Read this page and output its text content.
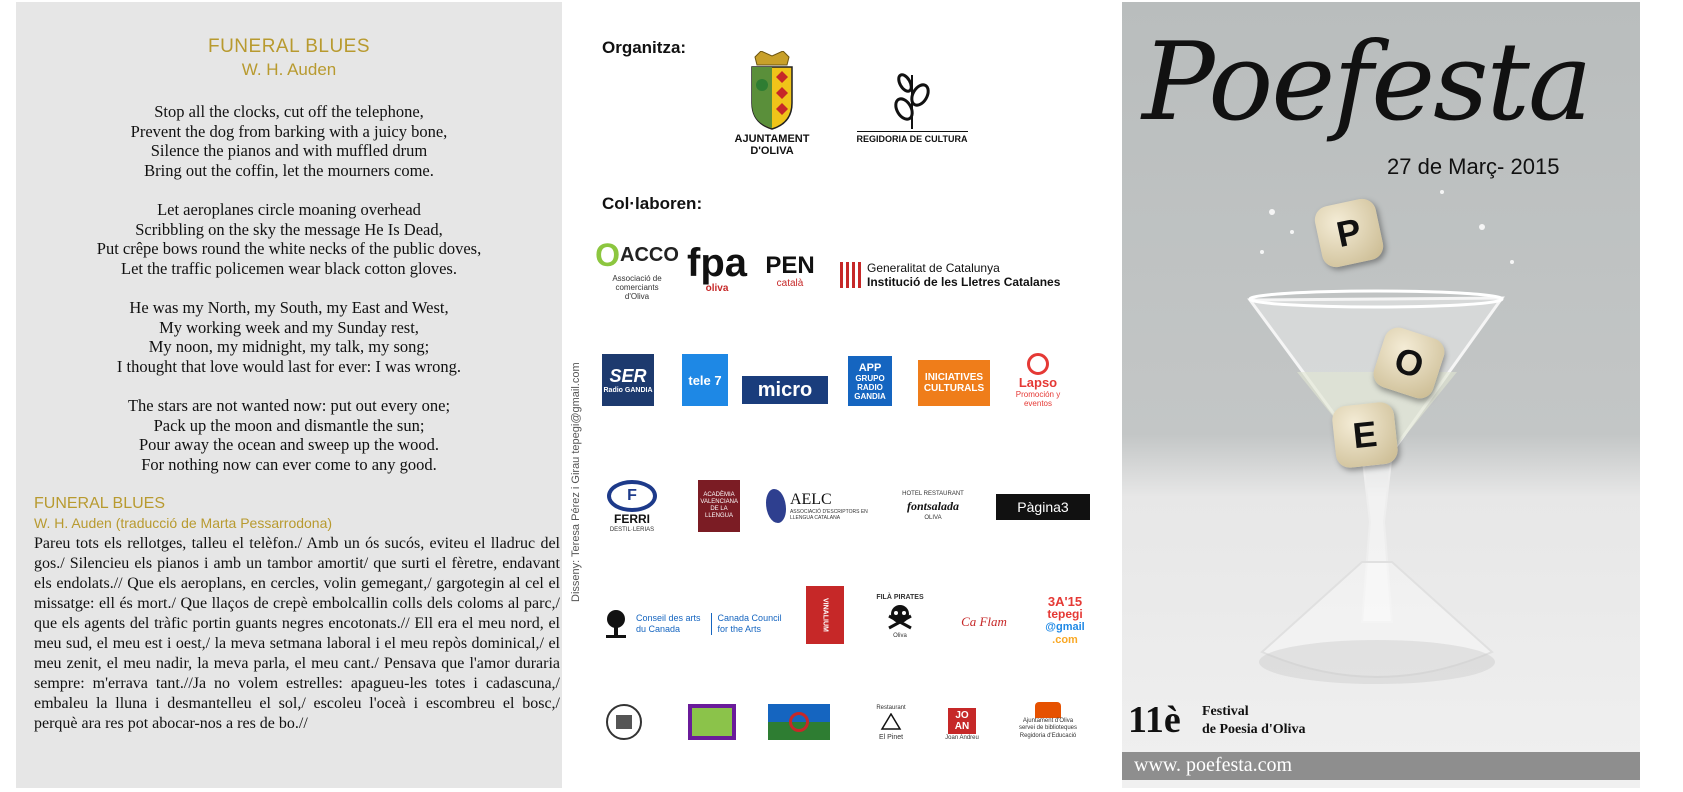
FUNERAL BLUES
W. H. Auden
Stop all the clocks, cut off the telephone,
Prevent the dog from barking with a juicy bone,
Silence the pianos and with muffled drum
Bring out the coffin, let the mourners come.
Let aeroplanes circle moaning overhead
Scribbling on the sky the message He Is Dead,
Put crêpe bows round the white necks of the public doves,
Let the traffic policemen wear black cotton gloves.
He was my North, my South, my East and West,
My working week and my Sunday rest,
My noon, my midnight, my talk, my song;
I thought that love would last for ever: I was wrong.
The stars are not wanted now: put out every one;
Pack up the moon and dismantle the sun;
Pour away the ocean and sweep up the wood.
For nothing now can ever come to any good.
FUNERAL BLUES
W. H. Auden (traducció de Marta Pessarrodona)
Pareu tots els rellotges, talleu el telèfon./ Amb un ós sucós, eviteu el lladruc del gos./ Silencieu els pianos i amb un tambor amortit/ que surti el fèretre, endavant els endolats.// Que els aeroplans, en cercles, volin gemegant,/ gargotegin al cel el missatge: ell és mort./ Que llaços de crepè embolcallin colls dels coloms al parc,/ que els agents del tràfic portin guants negres encotonats.// Ell era el meu nord, el meu sud, el meu est i oest,/ la meva setmana laboral i el meu repòs dominical,/ el meu zenit, el meu nadir, la meva parla, el meu cant./ Pensava que l'amor duraria sempre: m'errava tant.//Ja no volem estrelles: apagueu-les totes i cadascuna,/ embaleu la lluna i desmantelleu el sol,/ escoleu l'oceà i escombreu el bosc,/ perquè ara res pot abocar-nos a res de bo.//
Organitza:
Col·laboren:
Disseny: Teresa Pérez i Girau tepegi@gmail.com
AJUNTAMENT
D'OLIVA
REGIDORIA DE CULTURA
O ACCO
Associació de comerciants d'Oliva
fpa
oliva
PEN
català
Generalitat de Catalunya
Institució de les Lletres Catalanes
SER
Radio GANDIA
tele 7	micro
APP
GRUPO RADIO GANDIA
INICIATIVES
CULTURALS	Lapso
Promoción y eventos
F
FERRI
DESTIL·LERIAS
ACADÈMIA VALENCIANA DE LA LLENGUA
AELC
ASSOCIACIÓ D'ESCRIPTORS EN LLENGUA CATALANA
HOTEL RESTAURANT
fontsalada
OLIVA
Pàgina3
Conseil des arts
du Canada
Canada Council
for the Arts	VINALIUM
FILÀ PIRATES
Oliva
Ca Flam
3A'15
tepegi
@gmail
.com
Restaurant
El Pinet
JO
AN
Joan Andreu
Ajuntament d'Oliva
servei de biblioteques
Regidoria d'Educació
Poefesta
27 de Març- 2015
P
O
E
11è Festival
de Poesia d'Oliva
www. poefesta.com
